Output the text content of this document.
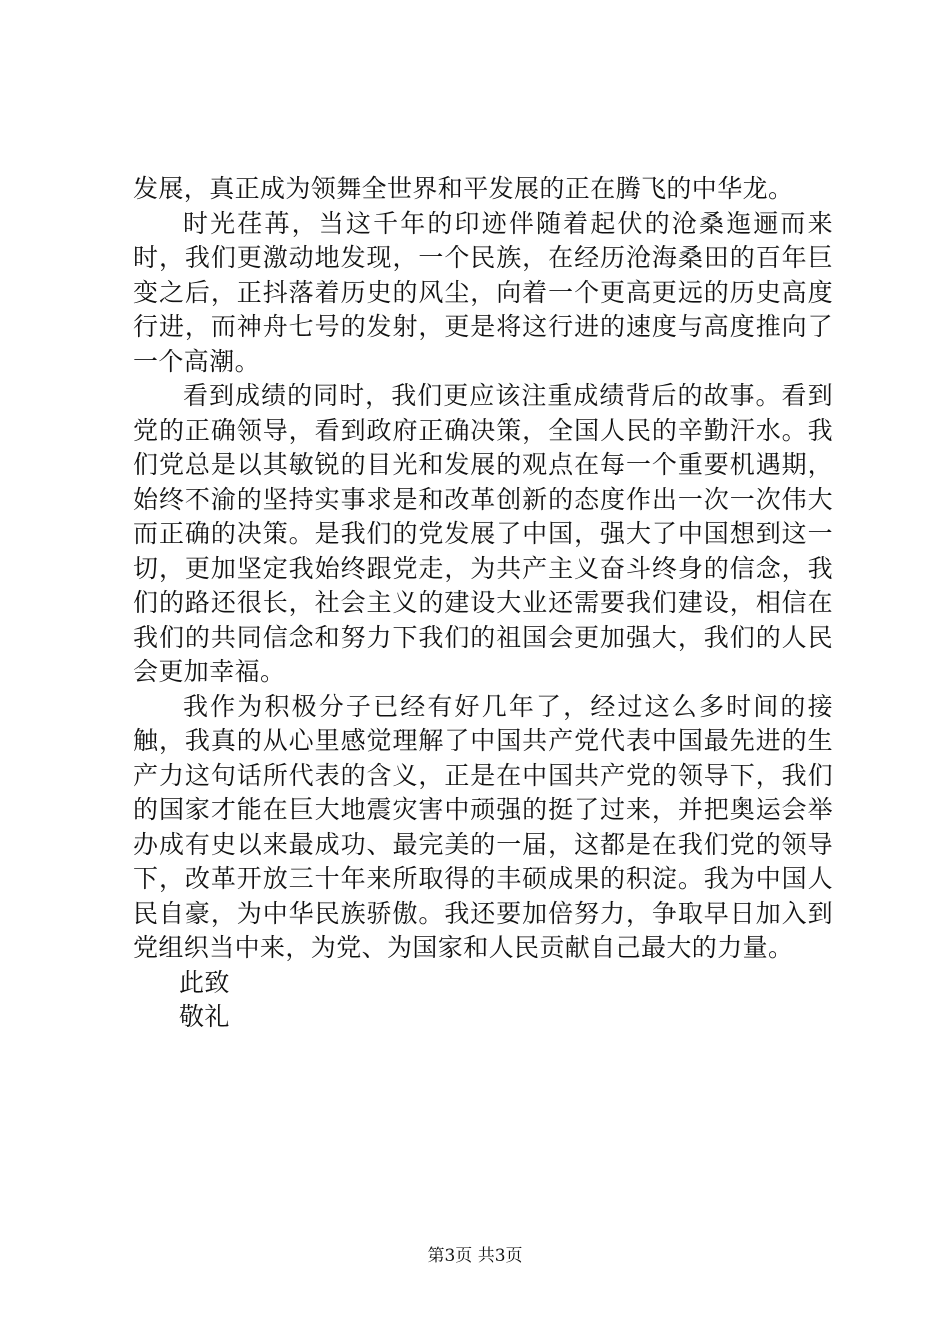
发展，真正成为领舞全世界和平发展的正在腾飞的中华龙。

时光荏苒，当这千年的印迹伴随着起伏的沧桑迤逦而来时，我们更激动地发现，一个民族，在经历沧海桑田的百年巨变之后，正抖落着历史的风尘，向着一个更高更远的历史高度行进，而神舟七号的发射，更是将这行进的速度与高度推向了一个高潮。

看到成绩的同时，我们更应该注重成绩背后的故事。看到党的正确领导，看到政府正确决策，全国人民的辛勤汗水。我们党总是以其敏锐的目光和发展的观点在每一个重要机遇期，始终不渝的坚持实事求是和改革创新的态度作出一次一次伟大而正确的决策。是我们的党发展了中国，强大了中国想到这一切，更加坚定我始终跟党走，为共产主义奋斗终身的信念，我们的路还很长，社会主义的建设大业还需要我们建设，相信在我们的共同信念和努力下我们的祖国会更加强大，我们的人民会更加幸福。

我作为积极分子已经有好几年了，经过这么多时间的接触，我真的从心里感觉理解了中国共产党代表中国最先进的生产力这句话所代表的含义，正是在中国共产党的领导下，我们的国家才能在巨大地震灾害中顽强的挺了过来，并把奥运会举办成有史以来最成功、最完美的一届，这都是在我们党的领导下，改革开放三十年来所取得的丰硕成果的积淀。我为中国人民自豪，为中华民族骄傲。我还要加倍努力，争取早日加入到党组织当中来，为党、为国家和人民贡献自己最大的力量。

此致

敬礼

第3页 共3页
